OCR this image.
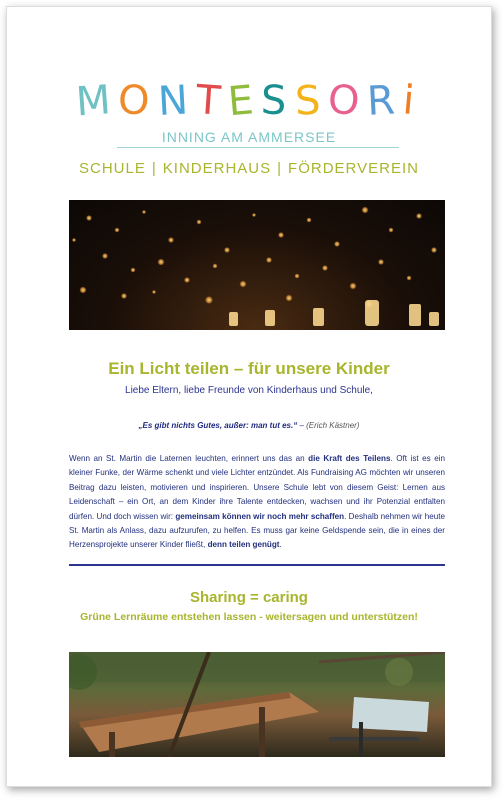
MONTESSORi
INNING AM AMMERSEE
SCHULE | KINDERHAUS | FÖRDERVEREIN
Ein Licht teilen – für unsere Kinder
Liebe Eltern, liebe Freunde von Kinderhaus und Schule,
„Es gibt nichts Gutes, außer: man tut es.“ – (Erich Kästner)
Wenn an St. Martin die Laternen leuchten, erinnert uns das an die Kraft des Teilens. Oft ist es ein kleiner Funke, der Wärme schenkt und viele Lichter entzündet. Als Fundraising AG möchten wir unseren Beitrag dazu leisten, motivieren und inspirieren. Unsere Schule lebt von diesem Geist: Lernen aus Leidenschaft – ein Ort, an dem Kinder ihre Talente entdecken, wachsen und ihr Potenzial entfalten dürfen. Und doch wissen wir: gemeinsam können wir noch mehr schaffen. Deshalb nehmen wir heute St. Martin als Anlass, dazu aufzurufen, zu helfen. Es muss gar keine Geldspende sein, die in eines der Herzensprojekte unserer Kinder fließt, denn teilen genügt.
Sharing = caring
Grüne Lernräume entstehen lassen - weitersagen und unterstützen!
